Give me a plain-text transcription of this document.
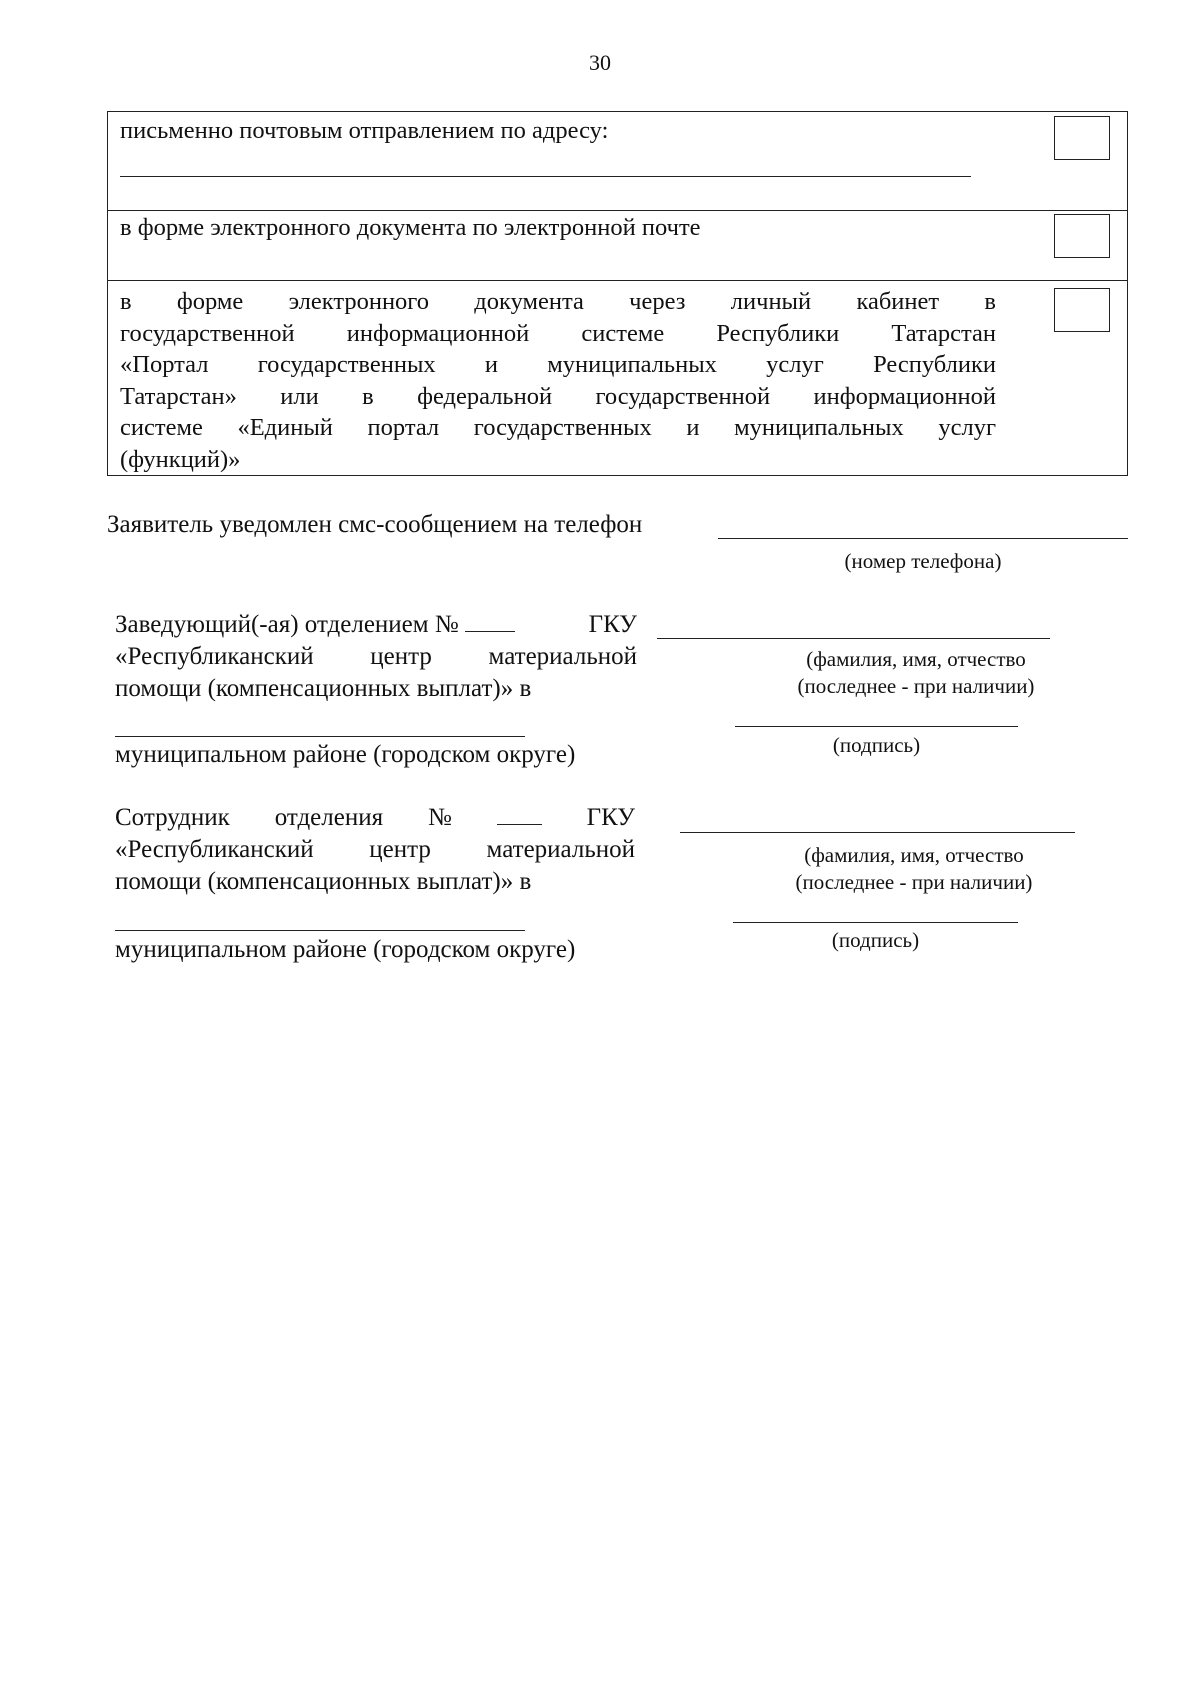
30
письменно почтовым отправлением по адресу:
в форме электронного документа по электронной почте
в форме электронного документа через личный кабинет в
государственной информационной системе Республики Татарстан
«Портал государственных и муниципальных услуг Республики
Татарстан» или в федеральной государственной информационной
системе «Единый портал государственных и муниципальных услуг
(функций)»
Заявитель уведомлен смс-сообщением на телефон
(номер телефона)
Заведующий(-ая) отделением №	ГКУ
«Республиканский центр материальной
помощи (компенсационных выплат)» в
муниципальном районе (городском округе)
(фамилия, имя, отчество
(последнее - при наличии)
(подпись)
Сотрудник отделения №	ГКУ
«Республиканский центр материальной
помощи (компенсационных выплат)» в
муниципальном районе (городском округе)
(фамилия, имя, отчество
(последнее - при наличии)
(подпись)
